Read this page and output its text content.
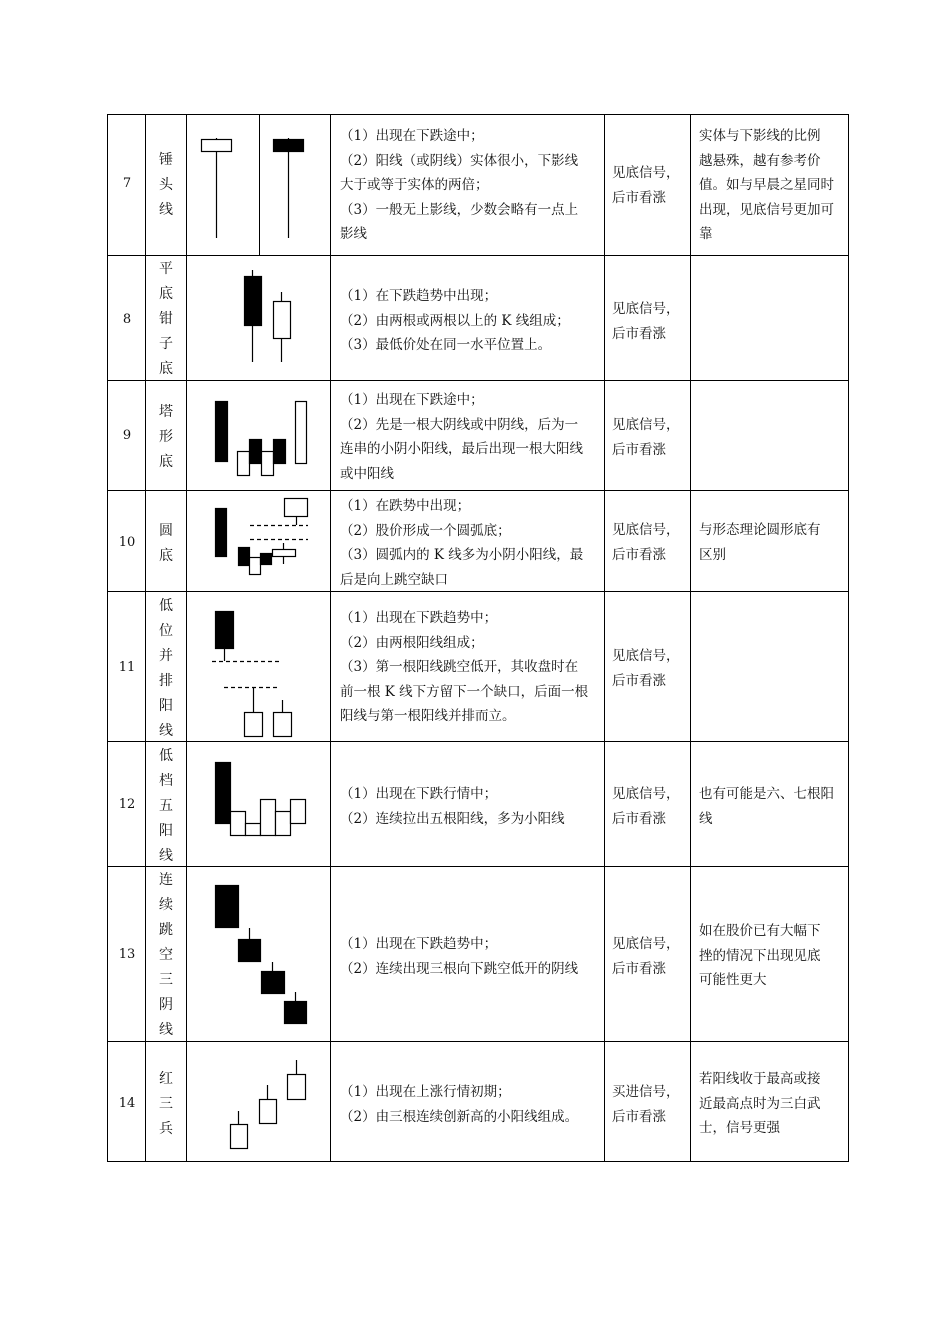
7
锤
头
线
（1）出现在下跌途中；
（2）阳线（或阴线）实体很小，下影线
大于或等于实体的两倍；
（3）一般无上影线，少数会略有一点上
影线
见底信号，
后市看涨
实体与下影线的比例
越悬殊，越有参考价
值。如与早晨之星同时
出现，见底信号更加可
靠
8
平
底
钳
子
底
（1）在下跌趋势中出现；
（2）由两根或两根以上的 K 线组成；
（3）最低价处在同一水平位置上。
见底信号，
后市看涨
9
塔
形
底
（1）出现在下跌途中；
（2）先是一根大阴线或中阴线，后为一
连串的小阴小阳线，最后出现一根大阳线
或中阳线
见底信号，
后市看涨
10
圆
底
（1）在跌势中出现；
（2）股价形成一个圆弧底；
（3）圆弧内的 K 线多为小阴小阳线，最
后是向上跳空缺口
见底信号，
后市看涨
与形态理论圆形底有
区别
11
低
位
并
排
阳
线
（1）出现在下跌趋势中；
（2）由两根阳线组成；
（3）第一根阳线跳空低开，其收盘时在
前一根 K 线下方留下一个缺口，后面一根
阳线与第一根阳线并排而立。
见底信号，
后市看涨
12
低
档
五
阳
线
（1）出现在下跌行情中；
（2）连续拉出五根阳线，多为小阳线
见底信号，
后市看涨
也有可能是六、七根阳
线
13
连
续
跳
空
三
阴
线
（1）出现在下跌趋势中；
（2）连续出现三根向下跳空低开的阴线
见底信号，
后市看涨
如在股价已有大幅下
挫的情况下出现见底
可能性更大
14
红
三
兵
（1）出现在上涨行情初期；
（2）由三根连续创新高的小阳线组成。
买进信号，
后市看涨
若阳线收于最高或接
近最高点时为三白武
士，信号更强
